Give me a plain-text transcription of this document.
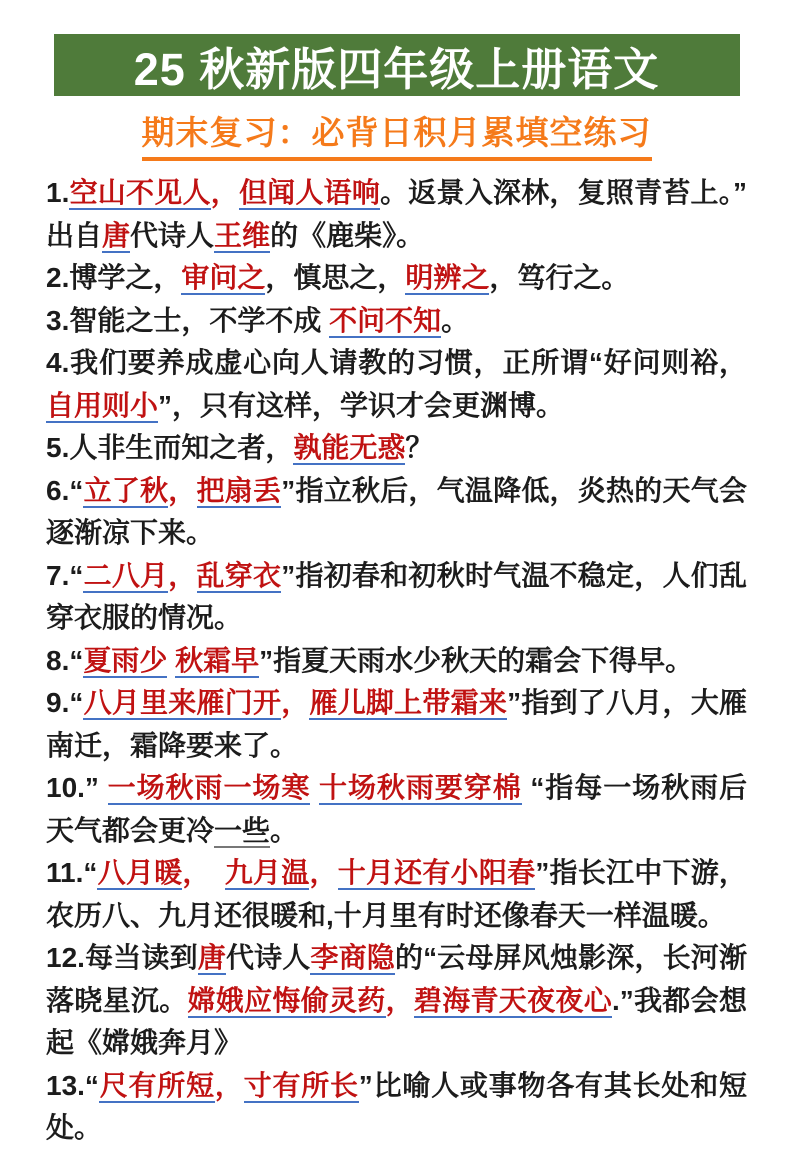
25 秋新版四年级上册语文
期末复习：必背日积月累填空练习

1.空山不见人，但闻人语响。返景入深林，复照青苔上。”出自唐代诗人王维的《鹿柴》。

2.博学之，审问之，慎思之，明辨之，笃行之。

3.智能之士，不学不成 不问不知。

4.我们要养成虚心向人请教的习惯，正所谓“好问则裕，自用则小”，只有这样，学识才会更渊博。

5.人非生而知之者，孰能无惑？

6.“立了秋，把扇丢”指立秋后，气温降低，炎热的天气会逐渐凉下来。

7.“二八月，乱穿衣”指初春和初秋时气温不稳定，人们乱穿衣服的情况。

8.“夏雨少 秋霜早”指夏天雨水少秋天的霜会下得早。

9.“八月里来雁门开，雁儿脚上带霜来”指到了八月，大雁南迁，霜降要来了。

10.” 一场秋雨一场寒 十场秋雨要穿棉 “指每一场秋雨后天气都会更冷一些。

11.“八月暖，　 九月温，十月还有小阳春”指长江中下游，农历八、九月还很暖和,十月里有时还像春天一样温暖。

12.每当读到唐代诗人李商隐的“云母屏风烛影深，长河渐落晓星沉。嫦娥应悔偷灵药，碧海青天夜夜心.”我都会想起《嫦娥奔月》

13.“尺有所短，寸有所长”比喻人或事物各有其长处和短处。
